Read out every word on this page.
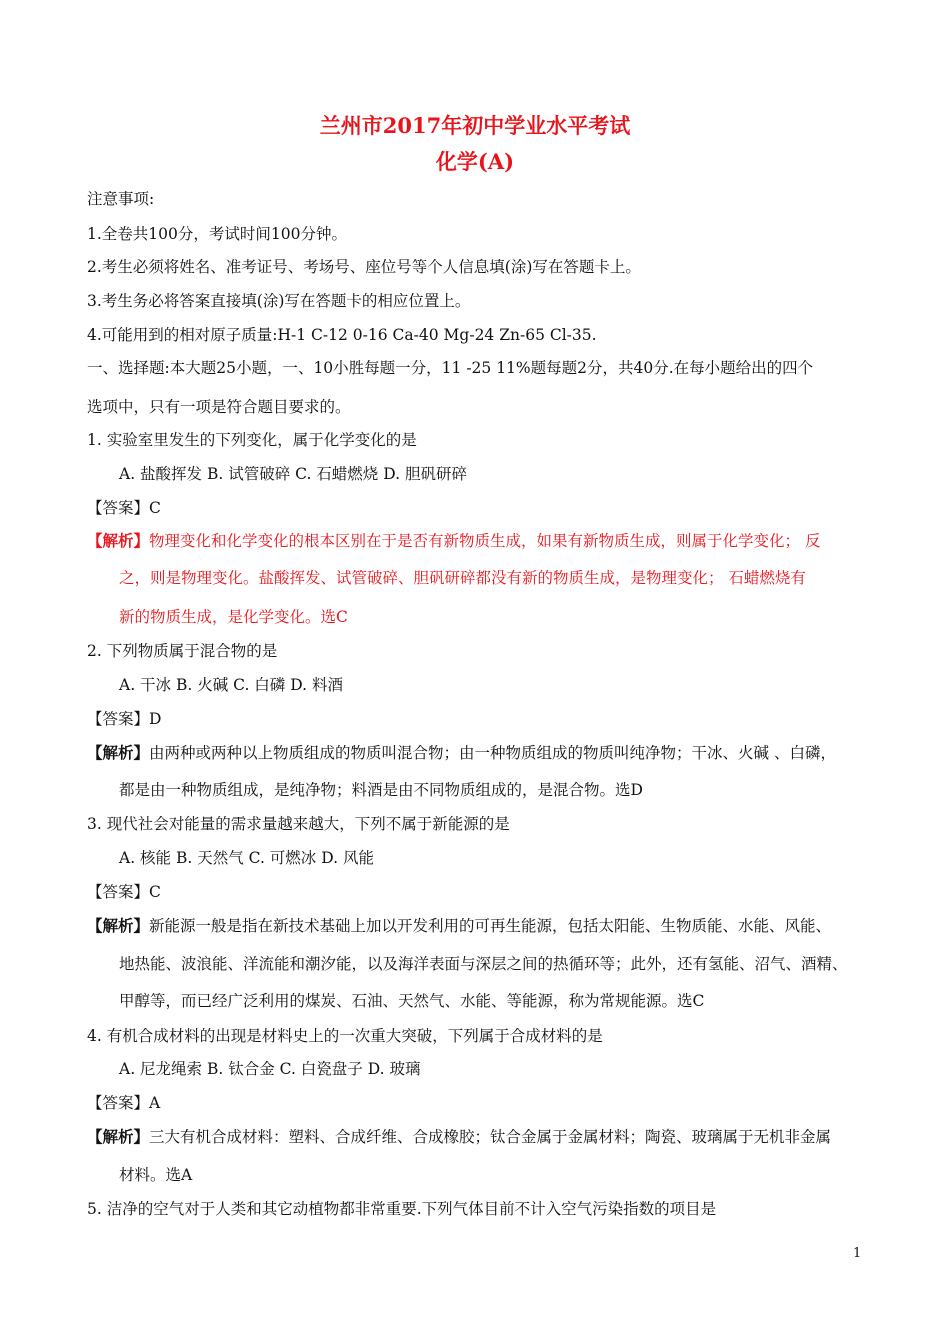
兰州市2017年初中学业水平考试
化学(A)
注意事项:
1.全卷共100分，考试时间100分钟。
2.考生必须将姓名、准考证号、考场号、座位号等个人信息填(涂)写在答题卡上。
3.考生务必将答案直接填(涂)写在答题卡的相应位置上。
4.可能用到的相对原子质量:H-1 C-12 0-16 Ca-40 Mg-24 Zn-65 Cl-35.
一、选择题:本大题25小题，一、10小胜每题一分，11 -25 11%题每题2分，共40分.在每小题给出的四个
选项中，只有一项是符合题目要求的。
1. 实验室里发生的下列变化，属于化学变化的是
A. 盐酸挥发 B. 试管破碎 C. 石蜡燃烧 D. 胆矾研碎
【答案】C
【解析】物理变化和化学变化的根本区别在于是否有新物质生成，如果有新物质生成，则属于化学变化； 反
之，则是物理变化。盐酸挥发、试管破碎、胆矾研碎都没有新的物质生成，是物理变化； 石蜡燃烧有
新的物质生成，是化学变化。选C
2. 下列物质属于混合物的是
A. 干冰 B. 火碱 C. 白磷 D. 料酒
【答案】D
【解析】由两种或两种以上物质组成的物质叫混合物；由一种物质组成的物质叫纯净物；干冰、火碱 、白磷，
都是由一种物质组成，是纯净物；料酒是由不同物质组成的，是混合物。选D
3. 现代社会对能量的需求量越来越大，下列不属于新能源的是
A. 核能 B. 天然气 C. 可燃冰 D. 风能
【答案】C
【解析】新能源一般是指在新技术基础上加以开发利用的可再生能源，包括太阳能、生物质能、水能、风能、
地热能、波浪能、洋流能和潮汐能，以及海洋表面与深层之间的热循环等；此外，还有氢能、沼气、酒精、
甲醇等，而已经广泛利用的煤炭、石油、天然气、水能、等能源，称为常规能源。选C
4. 有机合成材料的出现是材料史上的一次重大突破，下列属于合成材料的是
A. 尼龙绳索 B. 钛合金 C. 白瓷盘子 D. 玻璃
【答案】A
【解析】三大有机合成材料：塑料、合成纤维、合成橡胶；钛合金属于金属材料；陶瓷、玻璃属于无机非金属
材料。选A
5. 洁净的空气对于人类和其它动植物都非常重要.下列气体目前不计入空气污染指数的项目是
1
